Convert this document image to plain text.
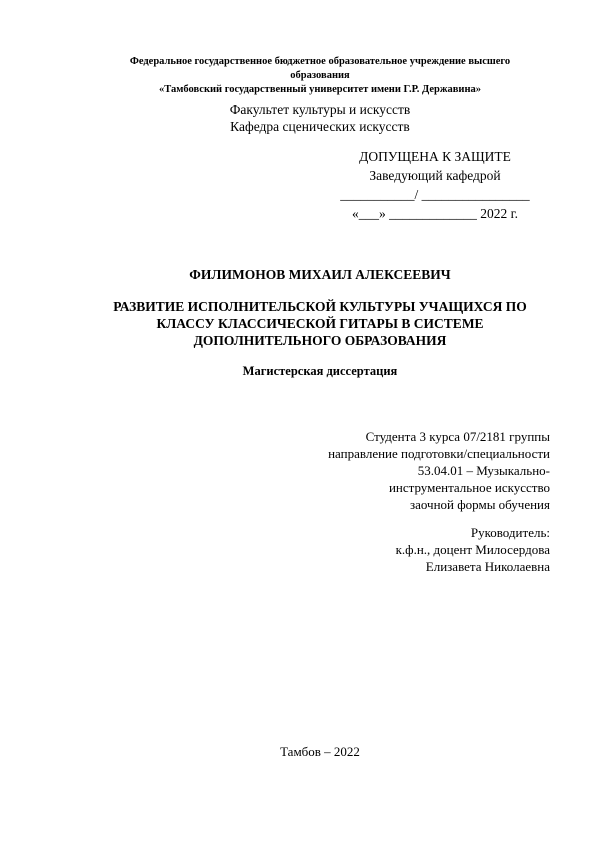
Федеральное государственное бюджетное образовательное учреждение высшего
образования
«Тамбовский государственный университет имени Г.Р. Державина»
Факультет культуры и искусств
Кафедра сценических искусств
ДОПУЩЕНА К ЗАЩИТЕ
Заведующий кафедрой
___________/ ________________
«___» _____________ 2022 г.
ФИЛИМОНОВ МИХАИЛ АЛЕКСЕЕВИЧ
РАЗВИТИЕ ИСПОЛНИТЕЛЬСКОЙ КУЛЬТУРЫ УЧАЩИХСЯ ПО
КЛАССУ КЛАССИЧЕСКОЙ ГИТАРЫ В СИСТЕМЕ
ДОПОЛНИТЕЛЬНОГО ОБРАЗОВАНИЯ
Магистерская диссертация
Студента 3 курса 07/2181 группы
направление подготовки/специальности
53.04.01 – Музыкально-
инструментальное искусство
заочной формы обучения
Руководитель:
к.ф.н., доцент Милосердова
Елизавета Николаевна
Тамбов – 2022
